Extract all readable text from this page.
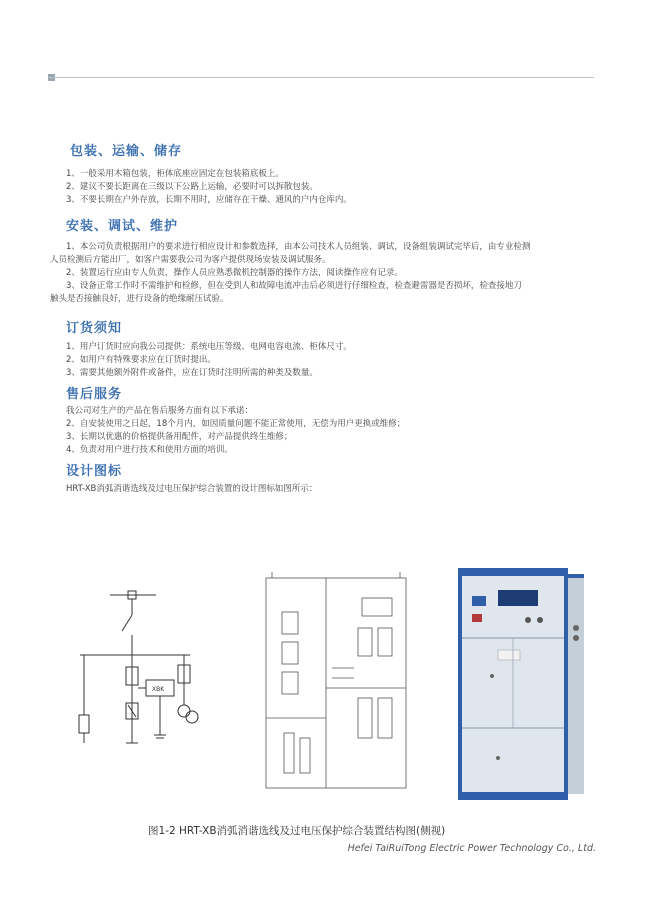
包装、运输、储存

1、一般采用木箱包装，柜体底座应固定在包装箱底板上。

2、建议不要长距离在三级以下公路上运输，必要时可以拆散包装。

3、不要长期在户外存放，长期不用时，应储存在干燥、通风的户内仓库内。

安装、调试、维护

1、本公司负责根据用户的要求进行相应设计和参数选择，由本公司技术人员组装、调试，设备组装调试完毕后，由专业检测

人员检测后方能出厂，如客户需要我公司为客户提供现场安装及调试服务。

2、装置运行应由专人负责，操作人员应熟悉微机控制器的操作方法，阅读操作应有记录。

3、设备正常工作时不需维护和检修，但在受到人和故障电流冲击后必须进行仔细检查，检查避雷器是否损坏，检查接地刀

触头是否接触良好，进行设备的绝缘耐压试验。

订货须知

1、用户订货时应向我公司提供：系统电压等级、电网电容电流、柜体尺寸。

2、如用户有特殊要求应在订货时提出。

3、需要其他额外附件或备件，应在订货时注明所需的种类及数量。

售后服务

我公司对生产的产品在售后服务方面有以下承诺：

2、自安装使用之日起，18个月内，如因质量问题不能正常使用，无偿为用户更换或维修；

3、长期以优惠的价格提供备用配件，对产品提供终生维修；

4、负责对用户进行技术和使用方面的培训。

设计图标

HRT-XB消弧消谐选线及过电压保护综合装置的设计图标如图所示：

XBK
图1-2 HRT-XB消弧消谐选线及过电压保护综合装置结构图(侧视)
Hefei TaiRuiTong Electric Power Technology Co., Ltd.
